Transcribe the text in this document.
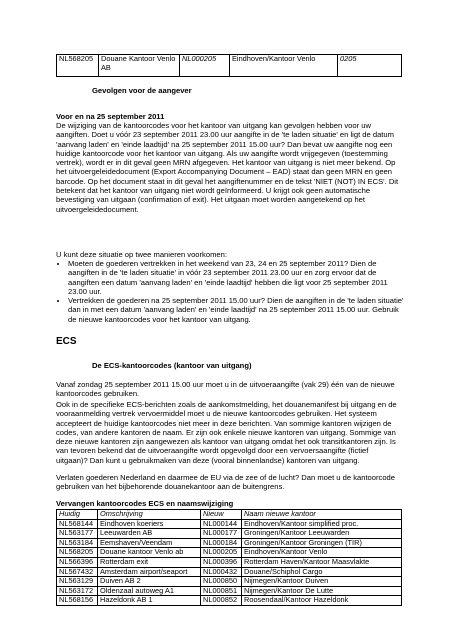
NL568205	Douane Kantoor Venlo AB	NL000205	Eindhoven/Kantoor Venlo	0205
Gevolgen voor de aangever
Voor en na 25 september 2011

De wijziging van de kantoorcodes voor het kantoor van uitgang kan gevolgen hebben voor uw aangiften. Doet u vóór 23 september 2011 23.00 uur aangifte in de 'te laden situatie' en ligt de datum 'aanvang laden' en 'einde laadtijd' na 25 september 2011 15.00 uur? Dan bevat uw aangifte nog een huidige kantoorcode voor het kantoor van uitgang. Als uw aangifte wordt vrijgegeven (toestemming vertrek), wordt er in dit geval geen MRN afgegeven. Het kantoor van uitgang is niet meer bekend. Op het uitvoergeleidedocument (Export Accompanying Document – EAD) staat dan geen MRN en geen barcode. Op het document staat in dit geval het aangiftenummer en de tekst 'NIET (NOT) IN ECS'. Dit betekent dat het kantoor van uitgang niet wordt geïnformeerd. U krijgt ook geen automatische bevestiging van uitgaan (confirmation of exit). Het uitgaan moet worden aangetekend op het uitvoergeleidedocument.

U kunt deze situatie op twee manieren voorkomen:

• Moeten de goederen vertrekken in het weekend van 23, 24 en 25 september 2011? Dien de aangiften in de 'te laden situatie' in vóór 23 september 2011 23.00 uur en zorg ervoor dat de aangiften een datum 'aanvang laden' en 'einde laadtijd' hebben die ligt voor 25 september 2011 23.00 uur.
• Vertrekken de goederen na 25 september 2011 15.00 uur? Dien de aangiften in de 'te laden situatie' dan in met een datum 'aanvang laden' en 'einde laadtijd' na 25 september 2011 15.00 uur. Gebruik de nieuwe kantoorcodes voor het kantoor van uitgang.
ECS
De ECS-kantoorcodes (kantoor van uitgang)

Vanaf zondag 25 september 2011 15.00 uur moet u in de uitvoeraangifte (vak 29) één van de nieuwe kantoorcodes gebruiken.

Ook in de specifieke ECS-berichten zoals de aankomstmelding, het douanemanifest bij uitgang en de vooraanmelding vertrek vervoermiddel moet u de nieuwe kantoorcodes gebruiken. Het systeem accepteert de huidige kantoorcodes niet meer in deze berichten. Van sommige kantoren wijzigen de codes, van andere kantoren de naam. Er zijn ook enkele nieuwe kantoren van uitgang. Sommige van deze nieuwe kantoren zijn aangewezen als kantoor van uitgang omdat het ook transitkantoren zijn. Is van tevoren bekend dat de uitvoeraangifte wordt opgevolgd door een vervoersaangifte (fictief uitgaan)? Dan kunt u gebruikmaken van deze (vooral binnenlandse) kantoren van uitgang.

Verlaten goederen Nederland en daarmee de EU via de zee of de lucht? Dan moet u de kantoorcode gebruiken van het bijbehorende douanekantoor aan de buitengrens.

Vervangen kantoorcodes ECS en naamswijziging
Huidig	Omschrijving	Nieuw	Naam nieuwe kantoor
NL568144	Eindhoven koeriers	NL000144	Eindhoven/Kantoor simplified proc.
NL563177	Leeuwarden AB	NL000177	Groningen/Kantoor Leeuwarden
NL563184	Eemshaven/Veendam	NL000184	Groningen/Kantoor Groningen (TIR)
NL568205	Douane kantoor Venlo ab	NL000205	Eindhoven/Kantoor Venlo
NL566396	Rotterdam exit	NL000396	Rotterdam Haven/Kantoor Maasvlakte
NL567432	Amsterdam airport/seaport	NL000432	Douane/Schiphol Cargo
NL563129	Duiven AB 2	NL000850	Nijmegen/Kantoor Duiven
NL563172	Oldenzaal autoweg A1	NL000851	Nijmegen/Kantoor De Lutte
NL568156	Hazeldonk AB 1	NL000852	Roosendaal/Kantoor Hazeldonk
